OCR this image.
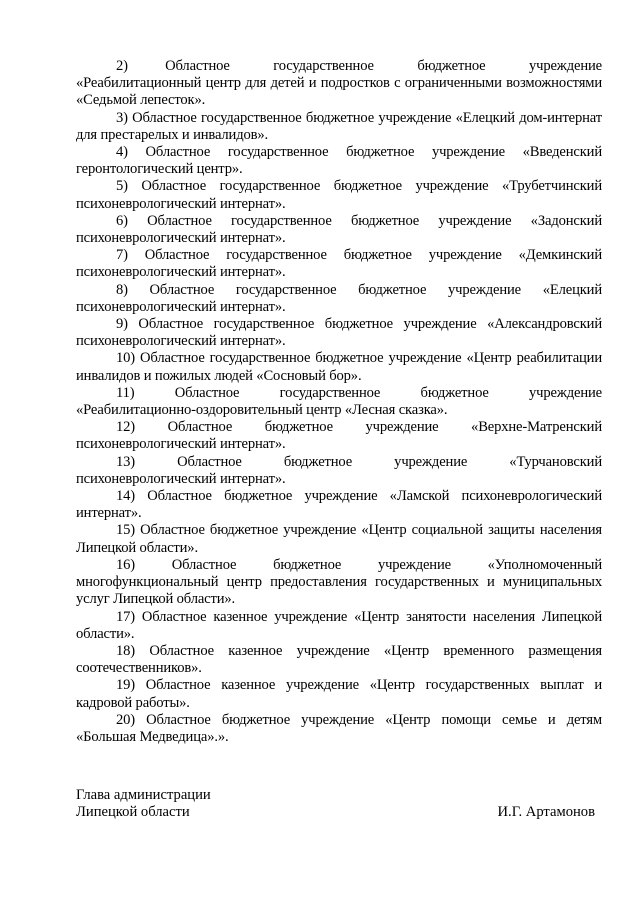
2)      Областное       государственное       бюджетное       учреждение «Реабилитационный центр для детей и подростков с ограниченными возможностями «Седьмой лепесток».

3) Областное государственное бюджетное учреждение «Елецкий дом-интернат для престарелых и инвалидов».

4) Областное государственное бюджетное учреждение «Введенский геронтологический центр».

5) Областное государственное бюджетное учреждение «Трубетчинский психоневрологический интернат».

6) Областное государственное бюджетное учреждение «Задонский психоневрологический интернат».

7) Областное государственное бюджетное учреждение «Демкинский психоневрологический интернат».

8) Областное государственное бюджетное учреждение «Елецкий психоневрологический интернат».

9) Областное государственное бюджетное учреждение «Александровский психоневрологический интернат».

10) Областное государственное бюджетное учреждение «Центр реабилитации инвалидов и пожилых людей «Сосновый бор».

11)     Областное     государственное     бюджетное     учреждение «Реабилитационно-оздоровительный центр «Лесная сказка».

12)     Областное     бюджетное     учреждение     «Верхне-Матренский психоневрологический интернат».

13)      Областное      бюджетное      учреждение      «Турчановский психоневрологический интернат».

14) Областное бюджетное учреждение «Ламской психоневрологический интернат».

15) Областное бюджетное учреждение «Центр социальной защиты населения Липецкой области».

16)    Областное    бюджетное    учреждение    «Уполномоченный многофункциональный центр предоставления государственных и муниципальных услуг Липецкой области».

17) Областное казенное учреждение «Центр занятости населения Липецкой области».

18) Областное казенное учреждение «Центр временного размещения соотечественников».

19) Областное казенное учреждение «Центр государственных выплат и кадровой работы».

20) Областное бюджетное учреждение «Центр помощи семье и детям «Большая Медведица».».

Глава администрации
Липецкой области	И.Г. Артамонов
